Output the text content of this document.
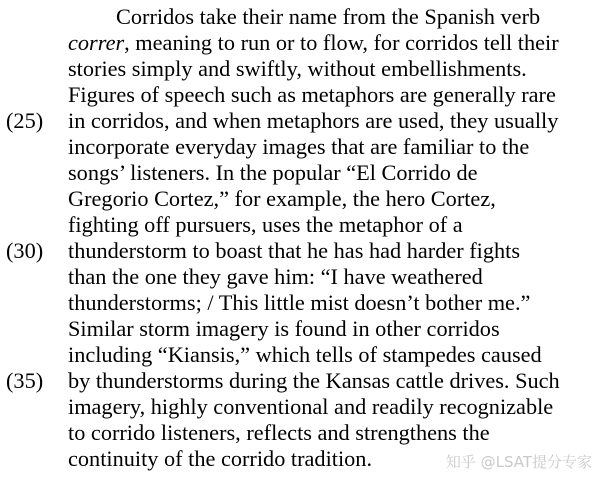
Corridos take their name from the Spanish verb
correr, meaning to run or to flow, for corridos tell their
stories simply and swiftly, without embellishments.
Figures of speech such as metaphors are generally rare
in corridos, and when metaphors are used, they usually
incorporate everyday images that are familiar to the
songs’ listeners. In the popular “El Corrido de
Gregorio Cortez,” for example, the hero Cortez,
fighting off pursuers, uses the metaphor of a
thunderstorm to boast that he has had harder fights
than the one they gave him: “I have weathered
thunderstorms; / This little mist doesn’t bother me.”
Similar storm imagery is found in other corridos
including “Kiansis,” which tells of stampedes caused
by thunderstorms during the Kansas cattle drives. Such
imagery, highly conventional and readily recognizable
to corrido listeners, reflects and strengthens the
continuity of the corrido tradition.
(25)
(30)
(35)
知乎 @LSAT提分专家
